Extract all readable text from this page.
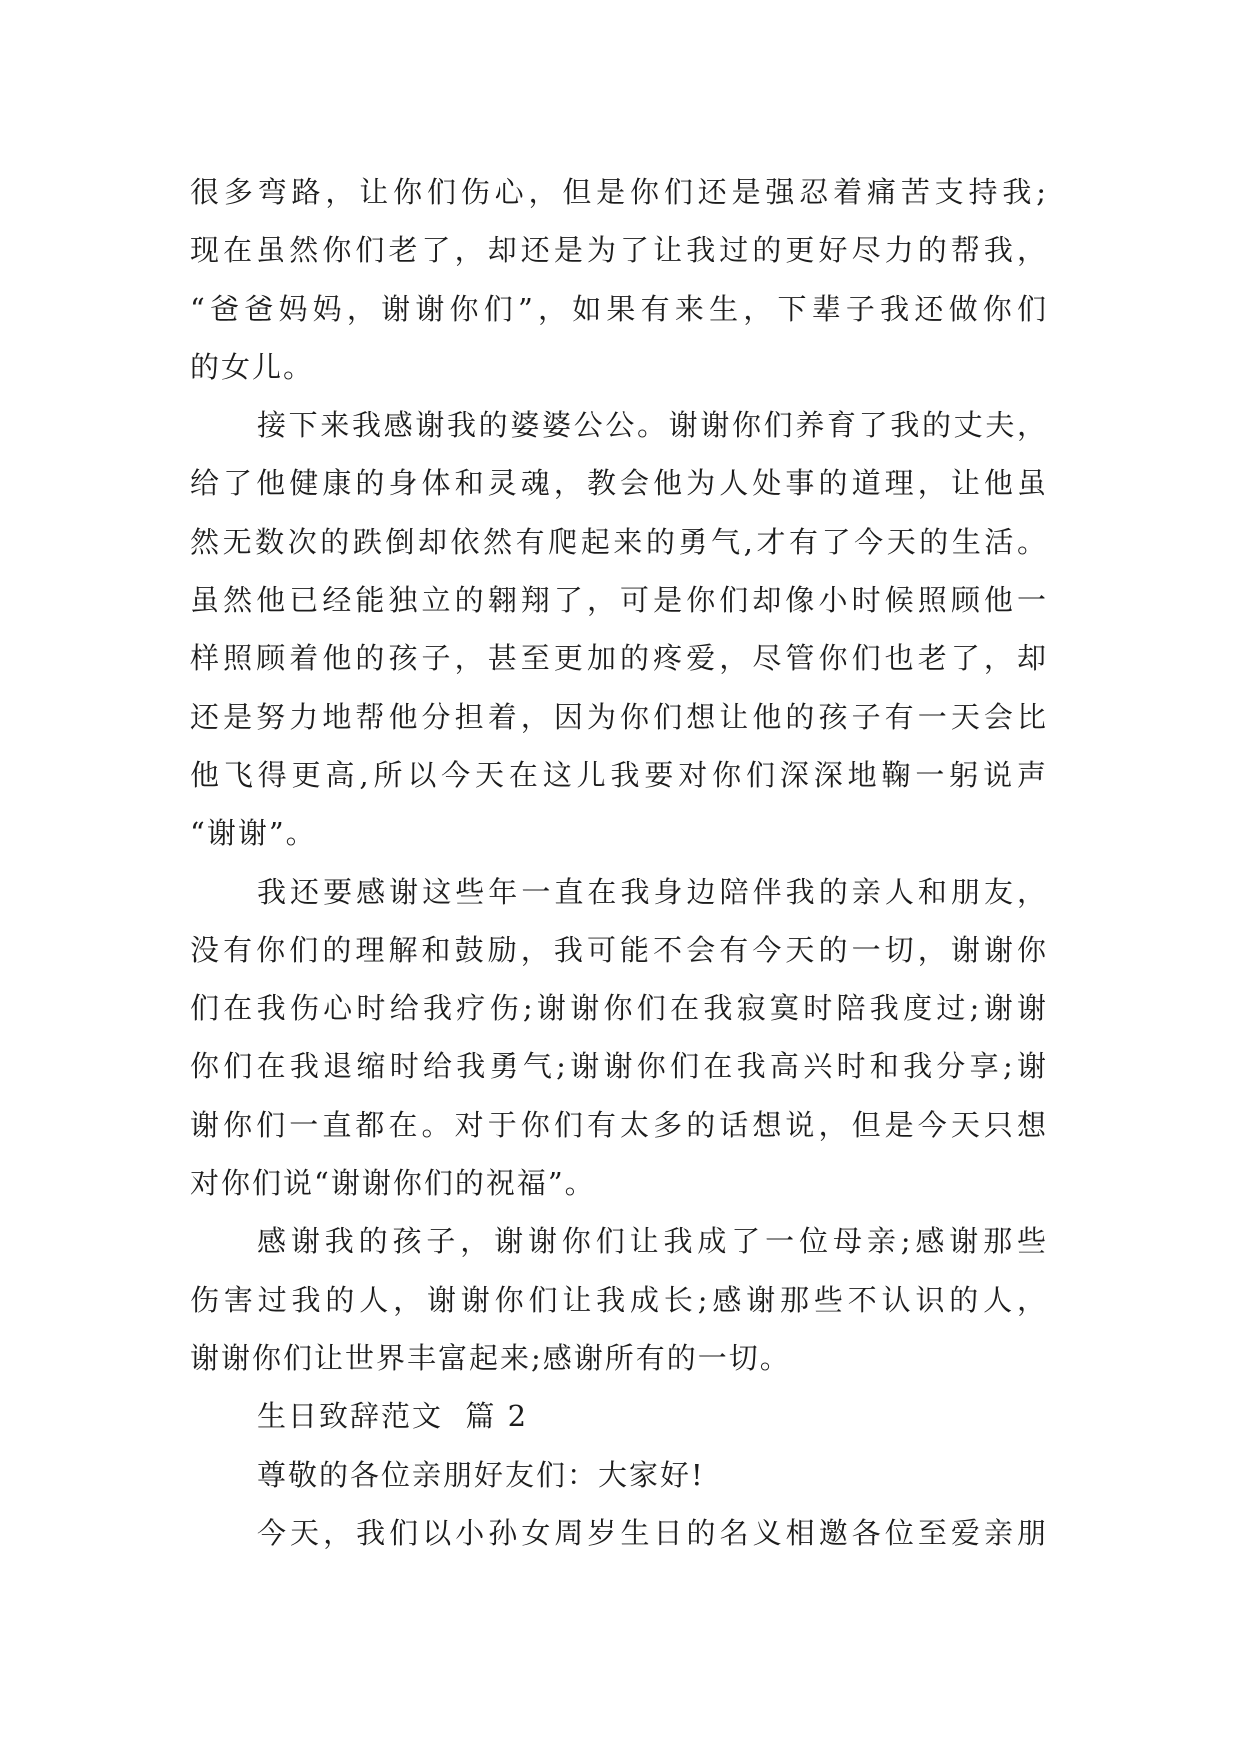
很多弯路，让你们伤心，但是你们还是强忍着痛苦支持我;
现在虽然你们老了，却还是为了让我过的更好尽力的帮我，
“爸爸妈妈，谢谢你们”，如果有来生，下辈子我还做你们
的女儿。
接下来我感谢我的婆婆公公。谢谢你们养育了我的丈夫，
给了他健康的身体和灵魂，教会他为人处事的道理，让他虽
然无数次的跌倒却依然有爬起来的勇气,才有了今天的生活。
虽然他已经能独立的翱翔了，可是你们却像小时候照顾他一
样照顾着他的孩子，甚至更加的疼爱，尽管你们也老了，却
还是努力地帮他分担着，因为你们想让他的孩子有一天会比
他飞得更高,所以今天在这儿我要对你们深深地鞠一躬说声
“谢谢”。
我还要感谢这些年一直在我身边陪伴我的亲人和朋友，
没有你们的理解和鼓励，我可能不会有今天的一切，谢谢你
们在我伤心时给我疗伤;谢谢你们在我寂寞时陪我度过;谢谢
你们在我退缩时给我勇气;谢谢你们在我高兴时和我分享;谢
谢你们一直都在。对于你们有太多的话想说，但是今天只想
对你们说“谢谢你们的祝福”。
感谢我的孩子，谢谢你们让我成了一位母亲;感谢那些
伤害过我的人，谢谢你们让我成长;感谢那些不认识的人，
谢谢你们让世界丰富起来;感谢所有的一切。
生日致辞范文  篇 2
尊敬的各位亲朋好友们：大家好!
今天，我们以小孙女周岁生日的名义相邀各位至爱亲朋
